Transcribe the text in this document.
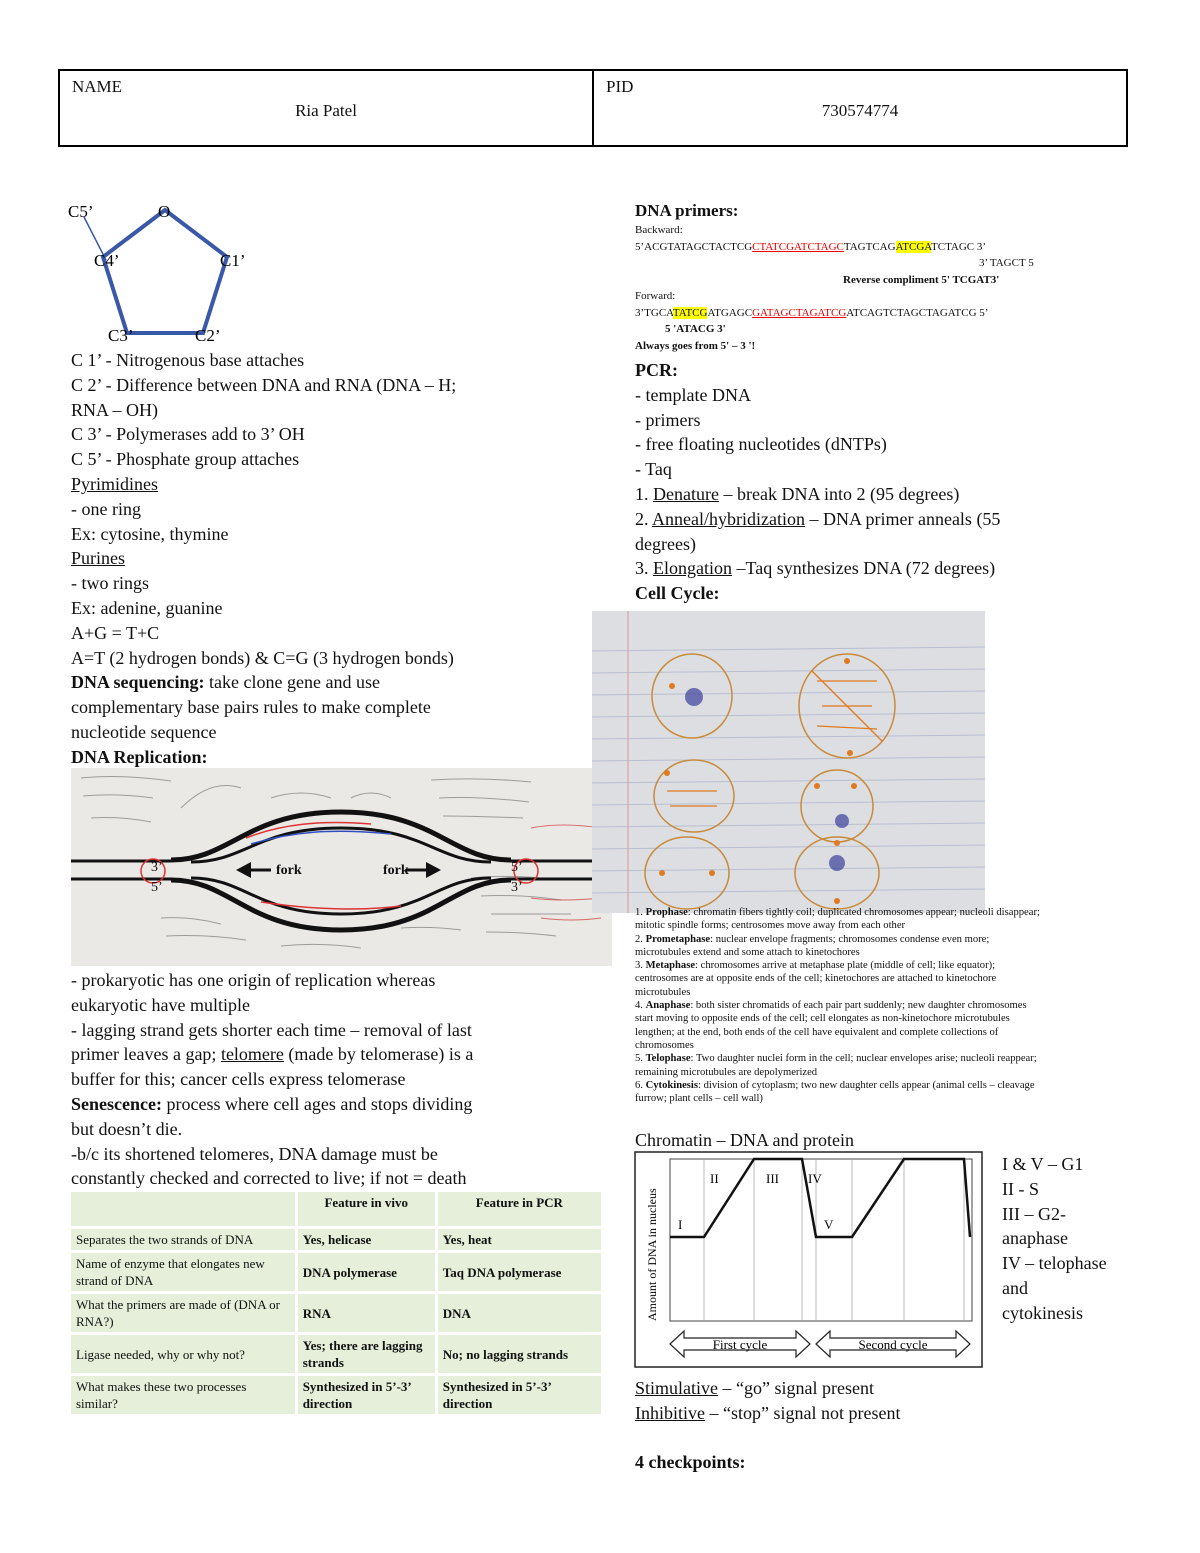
NAME
Ria Patel
PID
730574774
C5’	O
C4’	C1’
C3’	C2’
C 1’ - Nitrogenous base attaches
C 2’ - Difference between DNA and RNA (DNA – H;
RNA – OH)
C 3’ - Polymerases add to 3’ OH
C 5’ - Phosphate group attaches
Pyrimidines
- one ring
Ex: cytosine, thymine
Purines
- two rings
Ex: adenine, guanine
A+G = T+C
A=T (2 hydrogen bonds) & C=G (3 hydrogen bonds)
DNA sequencing: take clone gene and use
complementary base pairs rules to make complete
nucleotide sequence
DNA Replication:
3’
5’
5’
3’
fork	fork
- prokaryotic has one origin of replication whereas
eukaryotic have multiple
- lagging strand gets shorter each time – removal of last
primer leaves a gap; telomere (made by telomerase) is a
buffer for this; cancer cells express telomerase
Senescence: process where cell ages and stops dividing
but doesn’t die.
-b/c its shortened telomeres, DNA damage must be
constantly checked and corrected to live; if not = death
	Feature in vivo	Feature in PCR
Separates the two strands of DNA	Yes, helicase	Yes, heat
Name of enzyme that elongates new strand of DNA	DNA polymerase	Taq DNA polymerase
What the primers are made of (DNA or RNA?)	RNA	DNA
Ligase needed, why or why not?	Yes; there are lagging strands	No; no lagging strands
What makes these two processes similar?	Synthesized in 5’-3’ direction	Synthesized in 5’-3’ direction
DNA primers:
Backward:
5’ACGTATAGCTACTCGCTATCGATCTAGCTAGTCAGATCGATCTAGC 3’
3’ TAGCT 5
Reverse compliment 5' TCGAT3'
Forward:
3’TGCATATCGATGAGCGATAGCTAGATCGATCAGTCTAGCTAGATCG 5’
5 'ATACG 3'
Always goes from 5' – 3 '!
PCR:
- template DNA
- primers
- free floating nucleotides (dNTPs)
- Taq
1. Denature – break DNA into 2 (95 degrees)
2. Anneal/hybridization – DNA primer anneals (55
degrees)
3. Elongation –Taq synthesizes DNA (72 degrees)
Cell Cycle:
1. Prophase: chromatin fibers tightly coil; duplicated chromosomes appear; nucleoli disappear;
mitotic spindle forms; centrosomes move away from each other
2. Prometaphase: nuclear envelope fragments; chromosomes condense even more;
microtubules extend and some attach to kinetochores
3. Metaphase: chromosomes arrive at metaphase plate (middle of cell; like equator);
centrosomes are at opposite ends of the cell; kinetochores are attached to kinetochore
microtubules
4. Anaphase: both sister chromatids of each pair part suddenly; new daughter chromosomes
start moving to opposite ends of the cell; cell elongates as non-kinetochore microtubules
lengthen; at the end, both ends of the cell have equivalent and complete collections of
chromosomes
5. Telophase: Two daughter nuclei form in the cell; nuclear envelopes arise; nucleoli reappear;
remaining microtubules are depolymerized
6. Cytokinesis: division of cytoplasm; two new daughter cells appear (animal cells – cleavage
furrow; plant cells – cell wall)
Chromatin – DNA and protein
I
II	III IV
V
Amount of DNA in nucleus
First cycle	Second cycle
I & V – G1
II - S
III – G2-
anaphase
IV – telophase
and
cytokinesis
Stimulative – “go” signal present
Inhibitive – “stop” signal not present
4 checkpoints:
